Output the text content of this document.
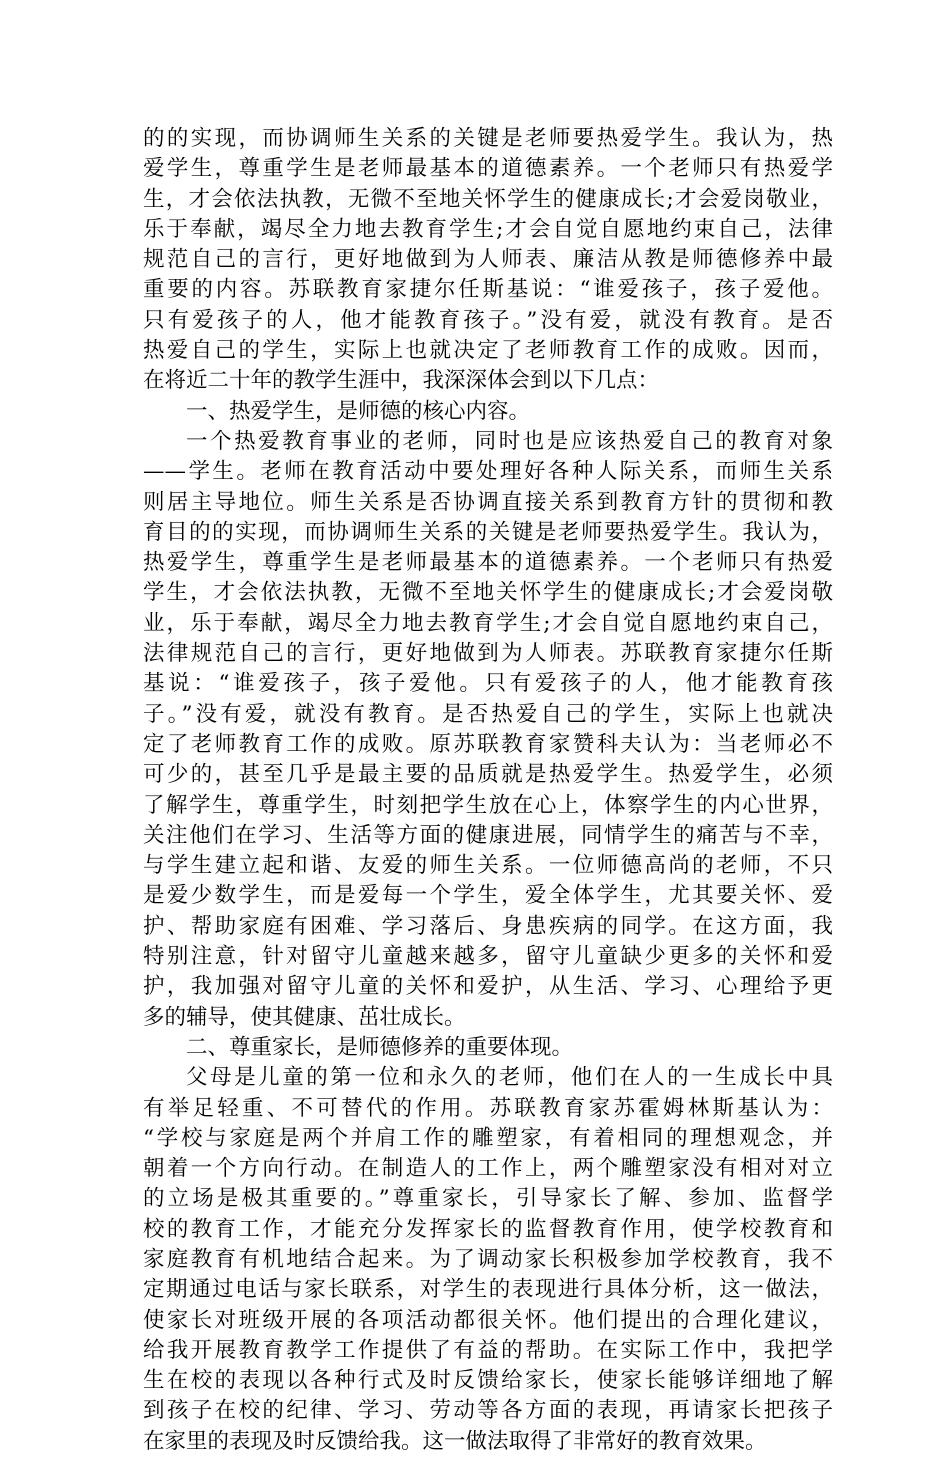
的的实现，而协调师生关系的关键是老师要热爱学生。我认为，热
爱学生，尊重学生是老师最基本的道德素养。一个老师只有热爱学
生，才会依法执教，无微不至地关怀学生的健康成长;才会爱岗敬业，
乐于奉献，竭尽全力地去教育学生;才会自觉自愿地约束自己，法律
规范自己的言行，更好地做到为人师表、廉洁从教是师德修养中最
重要的内容。苏联教育家捷尔任斯基说：“谁爱孩子，孩子爱他。
只有爱孩子的人，他才能教育孩子。”没有爱，就没有教育。是否
热爱自己的学生，实际上也就决定了老师教育工作的成败。因而，
在将近二十年的教学生涯中，我深深体会到以下几点：
一、热爱学生，是师德的核心内容。
一个热爱教育事业的老师，同时也是应该热爱自己的教育对象
——学生。老师在教育活动中要处理好各种人际关系，而师生关系
则居主导地位。师生关系是否协调直接关系到教育方针的贯彻和教
育目的的实现，而协调师生关系的关键是老师要热爱学生。我认为，
热爱学生，尊重学生是老师最基本的道德素养。一个老师只有热爱
学生，才会依法执教，无微不至地关怀学生的健康成长;才会爱岗敬
业，乐于奉献，竭尽全力地去教育学生;才会自觉自愿地约束自己，
法律规范自己的言行，更好地做到为人师表。苏联教育家捷尔任斯
基说：“谁爱孩子，孩子爱他。只有爱孩子的人，他才能教育孩
子。”没有爱，就没有教育。是否热爱自己的学生，实际上也就决
定了老师教育工作的成败。原苏联教育家赞科夫认为：当老师必不
可少的，甚至几乎是最主要的品质就是热爱学生。热爱学生，必须
了解学生，尊重学生，时刻把学生放在心上，体察学生的内心世界，
关注他们在学习、生活等方面的健康进展，同情学生的痛苦与不幸，
与学生建立起和谐、友爱的师生关系。一位师德高尚的老师，不只
是爱少数学生，而是爱每一个学生，爱全体学生，尤其要关怀、爱
护、帮助家庭有困难、学习落后、身患疾病的同学。在这方面，我
特别注意，针对留守儿童越来越多，留守儿童缺少更多的关怀和爱
护，我加强对留守儿童的关怀和爱护，从生活、学习、心理给予更
多的辅导，使其健康、茁壮成长。
二、尊重家长，是师德修养的重要体现。
父母是儿童的第一位和永久的老师，他们在人的一生成长中具
有举足轻重、不可替代的作用。苏联教育家苏霍姆林斯基认为：
“学校与家庭是两个并肩工作的雕塑家，有着相同的理想观念，并
朝着一个方向行动。在制造人的工作上，两个雕塑家没有相对对立
的立场是极其重要的。”尊重家长，引导家长了解、参加、监督学
校的教育工作，才能充分发挥家长的监督教育作用，使学校教育和
家庭教育有机地结合起来。为了调动家长积极参加学校教育，我不
定期通过电话与家长联系，对学生的表现进行具体分析，这一做法，
使家长对班级开展的各项活动都很关怀。他们提出的合理化建议，
给我开展教育教学工作提供了有益的帮助。在实际工作中，我把学
生在校的表现以各种行式及时反馈给家长，使家长能够详细地了解
到孩子在校的纪律、学习、劳动等各方面的表现，再请家长把孩子
在家里的表现及时反馈给我。这一做法取得了非常好的教育效果。
